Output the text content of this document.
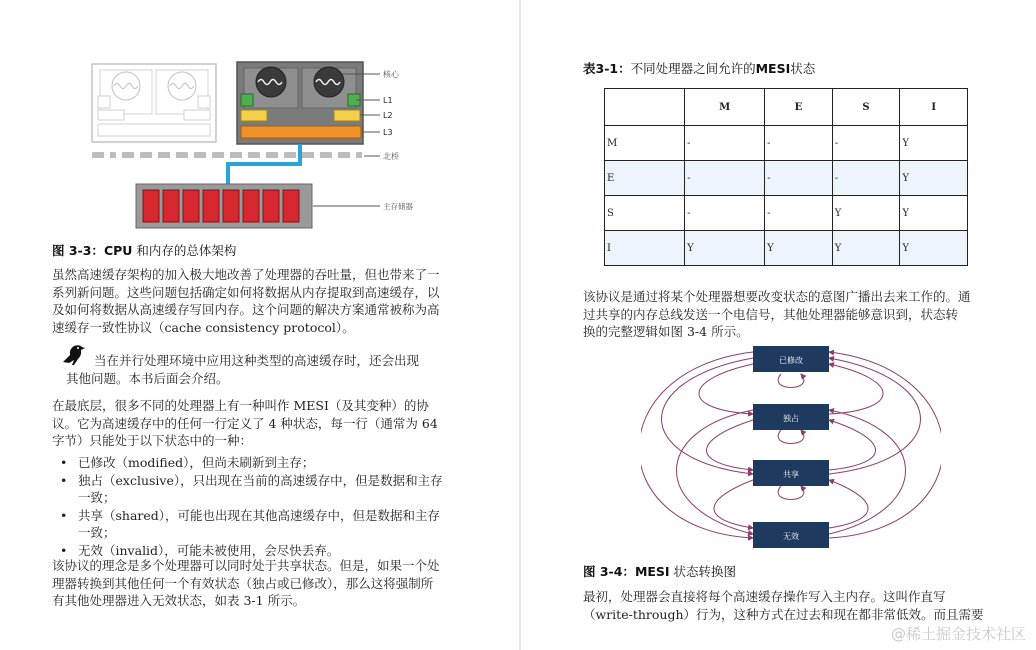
核心
L1
L2
L3
北桥
主存储器
图 3-3：CPU 和内存的总体架构
虽然高速缓存架构的加入极大地改善了处理器的吞吐量，但也带来了一
系列新问题。这些问题包括确定如何将数据从内存提取到高速缓存，以
及如何将数据从高速缓存写回内存。这个问题的解决方案通常被称为高
速缓存一致性协议（cache consistency protocol）。
当在并行处理环境中应用这种类型的高速缓存时，还会出现
其他问题。本书后面会介绍。
在最底层，很多不同的处理器上有一种叫作 MESI（及其变种）的协
议。它为高速缓存中的任何一行定义了 4 种状态，每一行（通常为 64
字节）只能处于以下状态中的一种：
• 已修改（modified），但尚未刷新到主存；
• 独占（exclusive），只出现在当前的高速缓存中，但是数据和主存
一致；
• 共享（shared），可能也出现在其他高速缓存中，但是数据和主存
一致；
• 无效（invalid），可能未被使用，会尽快丢弃。
该协议的理念是多个处理器可以同时处于共享状态。但是，如果一个处
理器转换到其他任何一个有效状态（独占或已修改），那么这将强制所
有其他处理器进入无效状态，如表 3-1 所示。
表3-1：不同处理器之间允许的MESI状态
	M	E	S	I
M	-	-	-	Y
E	-	-	-	Y
S	-	-	Y	Y
I	Y	Y	Y	Y
该协议是通过将某个处理器想要改变状态的意图广播出去来工作的。通
过共享的内存总线发送一个电信号，其他处理器能够意识到，状态转
换的完整逻辑如图 3-4 所示。
已修改
独占
共享
无效
图 3-4：MESI 状态转换图
最初，处理器会直接将每个高速缓存操作写入主内存。这叫作直写
（write-through）行为，这种方式在过去和现在都非常低效。而且需要
@稀土掘金技术社区
